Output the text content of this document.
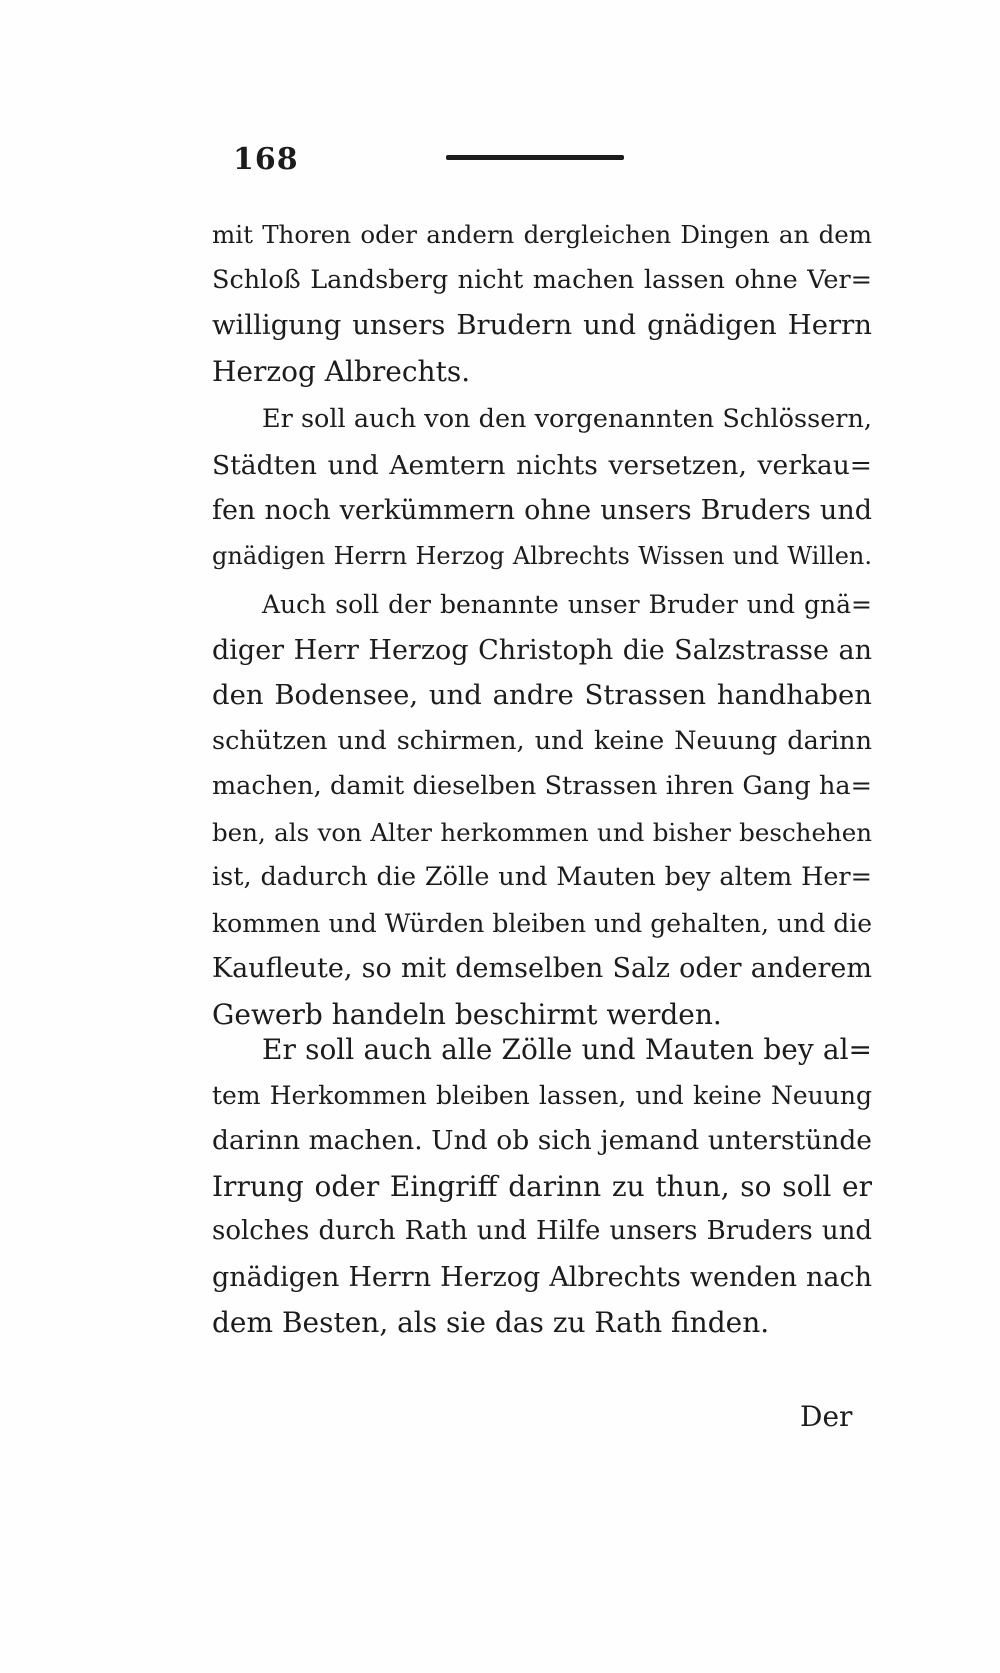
168
mit Thoren oder andern dergleichen Dingen an dem
Schloß Landsberg nicht machen lassen ohne Ver=
willigung unsers Brudern und gnädigen Herrn
Herzog Albrechts.
Er soll auch von den vorgenannten Schlössern,
Städten und Aemtern nichts versetzen, verkau=
fen noch verkümmern ohne unsers Bruders und
gnädigen Herrn Herzog Albrechts Wissen und Willen.
Auch soll der benannte unser Bruder und gnä=
diger Herr Herzog Christoph die Salzstrasse an
den Bodensee, und andre Strassen handhaben
schützen und schirmen, und keine Neuung darinn
machen, damit dieselben Strassen ihren Gang ha=
ben, als von Alter herkommen und bisher beschehen
ist, dadurch die Zölle und Mauten bey altem Her=
kommen und Würden bleiben und gehalten, und die
Kaufleute, so mit demselben Salz oder anderem
Gewerb handeln beschirmt werden.
Er soll auch alle Zölle und Mauten bey al=
tem Herkommen bleiben lassen, und keine Neuung
darinn machen. Und ob sich jemand unterstünde
Irrung oder Eingriff darinn zu thun, so soll er
solches durch Rath und Hilfe unsers Bruders und
gnädigen Herrn Herzog Albrechts wenden nach
dem Besten, als sie das zu Rath finden.
Der
